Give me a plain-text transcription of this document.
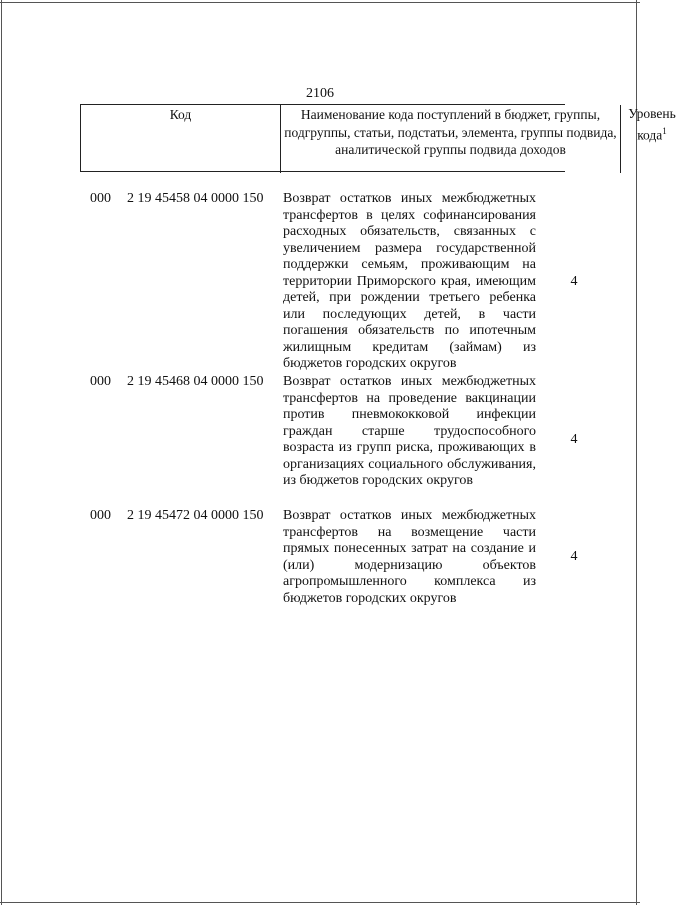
2106
Код	Наименование кода поступлений в бюджет, группы, подгруппы, статьи, подстатьи, элемента, группы подвида, аналитической группы подвида доходов
Уровень кода$^1$
000 2 19 45458 04 0000 150 Возврат остатков иных межбюджетных трансфертов в целях софинансирования расходных обязательств, связанных с увеличением размера государственной поддержки семьям, проживающим на территории Приморского края, имеющим детей, при рождении третьего ребенка или последующих детей, в части погашения обязательств по ипотечным жилищным кредитам (займам) из бюджетов городских округов
4
000 2 19 45468 04 0000 150 Возврат остатков иных межбюджетных трансфертов на проведение вакцинации против пневмококковой инфекции граждан старше трудоспособного возраста из групп риска, проживающих в организациях социального обслуживания, из бюджетов городских округов
4
000 2 19 45472 04 0000 150 Возврат остатков иных межбюджетных трансфертов на возмещение части прямых понесенных затрат на создание и (или) модернизацию объектов агропромышленного комплекса из бюджетов городских округов
4
